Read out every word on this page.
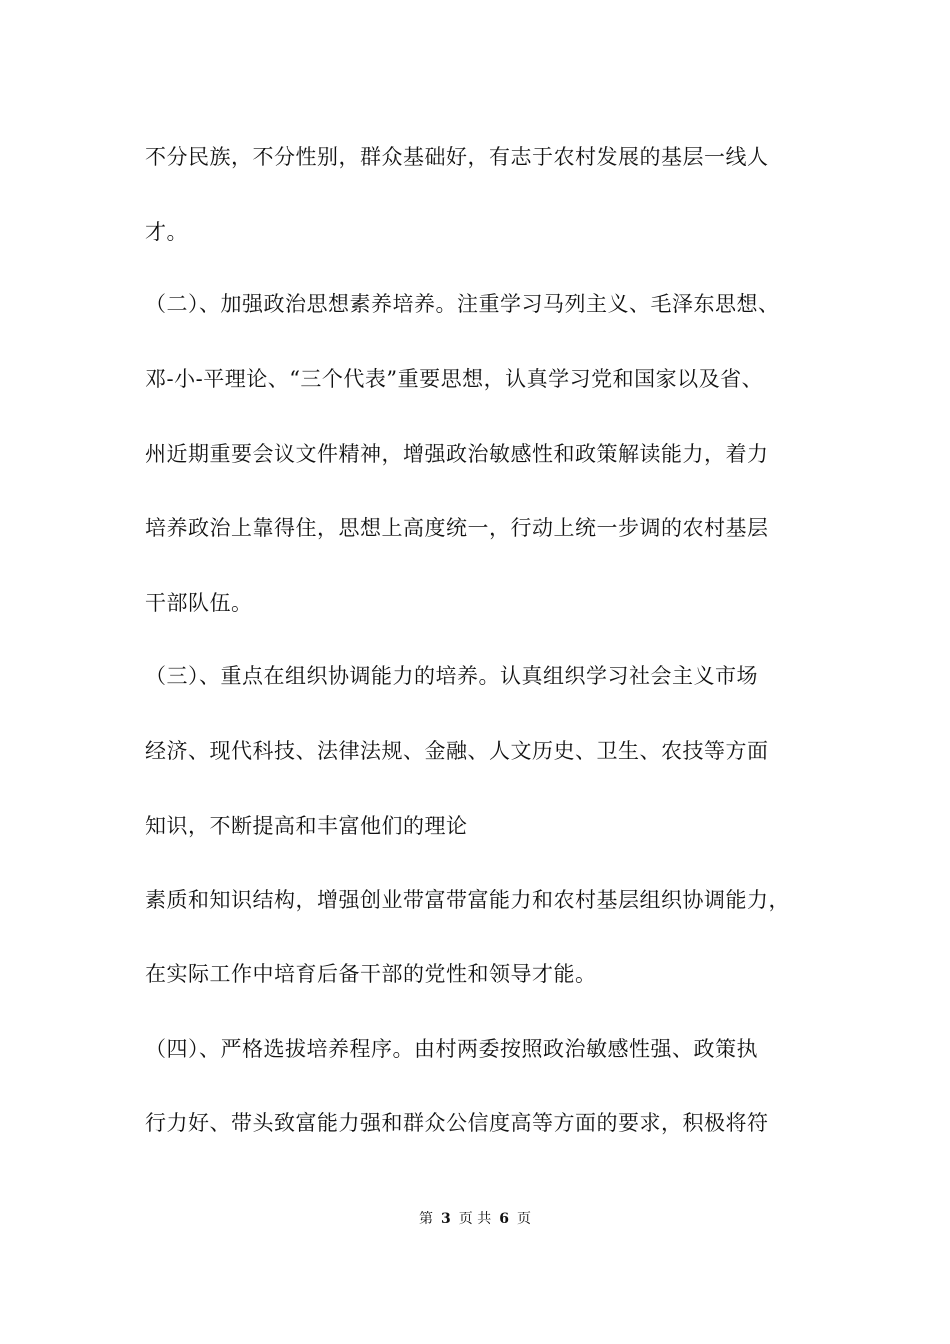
不分民族，不分性别，群众基础好，有志于农村发展的基层一线人
才。
（二）、加强政治思想素养培养。注重学习马列主义、毛泽东思想、
邓-小-平理论、“三个代表”重要思想，认真学习党和国家以及省、
州近期重要会议文件精神，增强政治敏感性和政策解读能力，着力
培养政治上靠得住，思想上高度统一，行动上统一步调的农村基层
干部队伍。
（三）、重点在组织协调能力的培养。认真组织学习社会主义市场
经济、现代科技、法律法规、金融、人文历史、卫生、农技等方面
知识，不断提高和丰富他们的理论
素质和知识结构，增强创业带富带富能力和农村基层组织协调能力，
在实际工作中培育后备干部的党性和领导才能。
（四）、严格选拔培养程序。由村两委按照政治敏感性强、政策执
行力好、带头致富能力强和群众公信度高等方面的要求，积极将符
第 3 页 共 6 页
